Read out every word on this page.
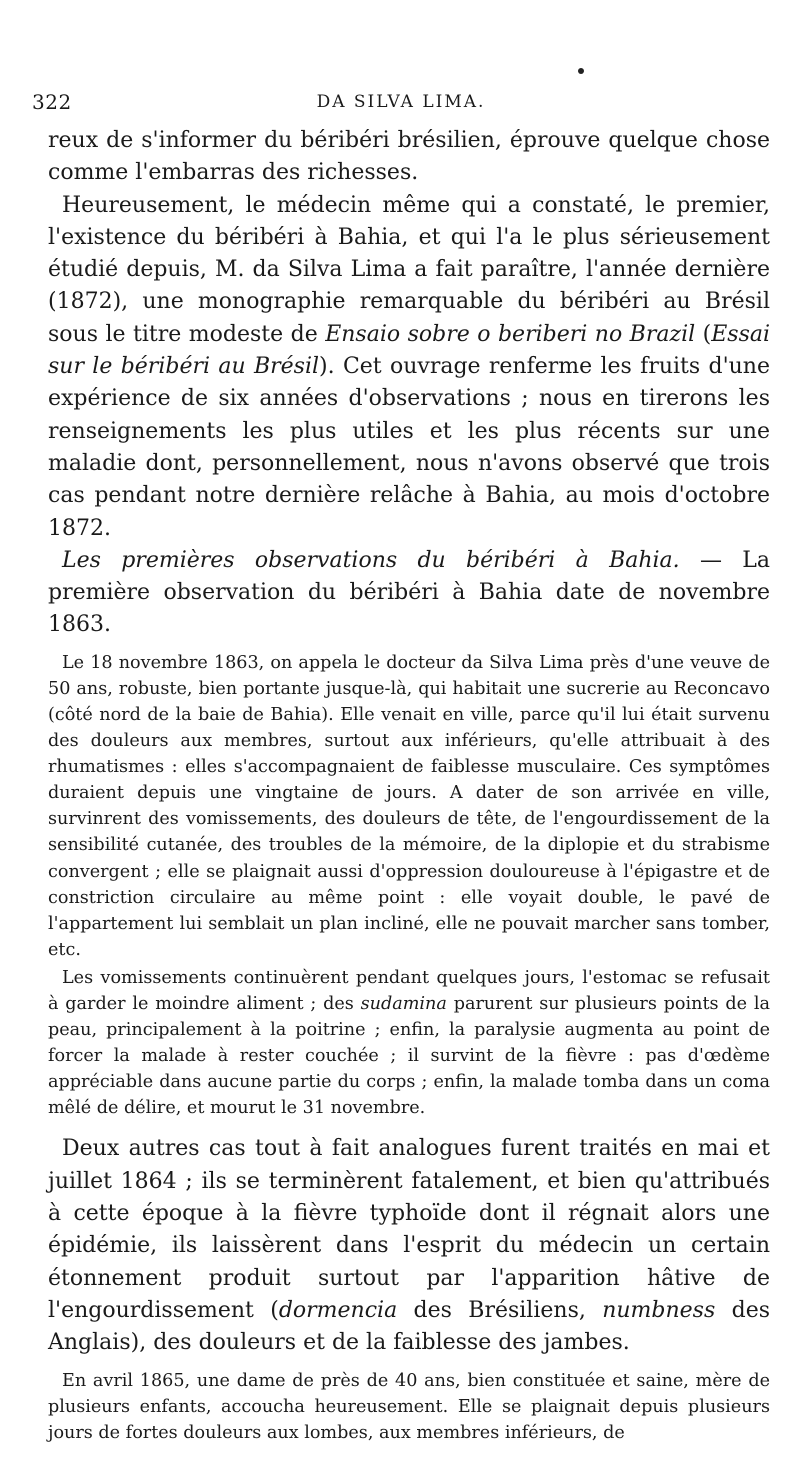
322	DA SILVA LIMA.

reux de s'informer du béribéri brésilien, éprouve quelque chose comme l'embarras des richesses.

Heureusement, le médecin même qui a constaté, le premier, l'existence du béribéri à Bahia, et qui l'a le plus sérieusement étudié depuis, M. da Silva Lima a fait paraître, l'année dernière (1872), une monographie remarquable du béribéri au Brésil sous le titre modeste de Ensaio sobre o beriberi no Brazil (Essai sur le béribéri au Brésil). Cet ouvrage renferme les fruits d'une expérience de six années d'observations ; nous en tirerons les renseignements les plus utiles et les plus récents sur une maladie dont, personnellement, nous n'avons observé que trois cas pendant notre dernière relâche à Bahia, au mois d'octobre 1872.

Les premières observations du béribéri à Bahia. — La première observation du béribéri à Bahia date de novembre 1863.

Le 18 novembre 1863, on appela le docteur da Silva Lima près d'une veuve de 50 ans, robuste, bien portante jusque-là, qui habitait une sucrerie au Reconcavo (côté nord de la baie de Bahia). Elle venait en ville, parce qu'il lui était survenu des douleurs aux membres, surtout aux inférieurs, qu'elle attribuait à des rhumatismes : elles s'accompagnaient de faiblesse musculaire. Ces symptômes duraient depuis une vingtaine de jours. A dater de son arrivée en ville, survinrent des vomissements, des douleurs de tête, de l'engourdissement de la sensibilité cutanée, des troubles de la mémoire, de la diplopie et du strabisme convergent ; elle se plaignait aussi d'oppression douloureuse à l'épigastre et de constriction circulaire au même point : elle voyait double, le pavé de l'appartement lui semblait un plan incliné, elle ne pouvait marcher sans tomber, etc.

Les vomissements continuèrent pendant quelques jours, l'estomac se refusait à garder le moindre aliment ; des sudamina parurent sur plusieurs points de la peau, principalement à la poitrine ; enfin, la paralysie augmenta au point de forcer la malade à rester couchée ; il survint de la fièvre : pas d'œdème appréciable dans aucune partie du corps ; enfin, la malade tomba dans un coma mêlé de délire, et mourut le 31 novembre.

Deux autres cas tout à fait analogues furent traités en mai et juillet 1864 ; ils se terminèrent fatalement, et bien qu'attribués à cette époque à la fièvre typhoïde dont il régnait alors une épidémie, ils laissèrent dans l'esprit du médecin un certain étonnement produit surtout par l'apparition hâtive de l'engourdissement (dormencia des Brésiliens, numbness des Anglais), des douleurs et de la faiblesse des jambes.

En avril 1865, une dame de près de 40 ans, bien constituée et saine, mère de plusieurs enfants, accoucha heureusement. Elle se plaignait depuis plusieurs jours de fortes douleurs aux lombes, aux membres inférieurs, de
